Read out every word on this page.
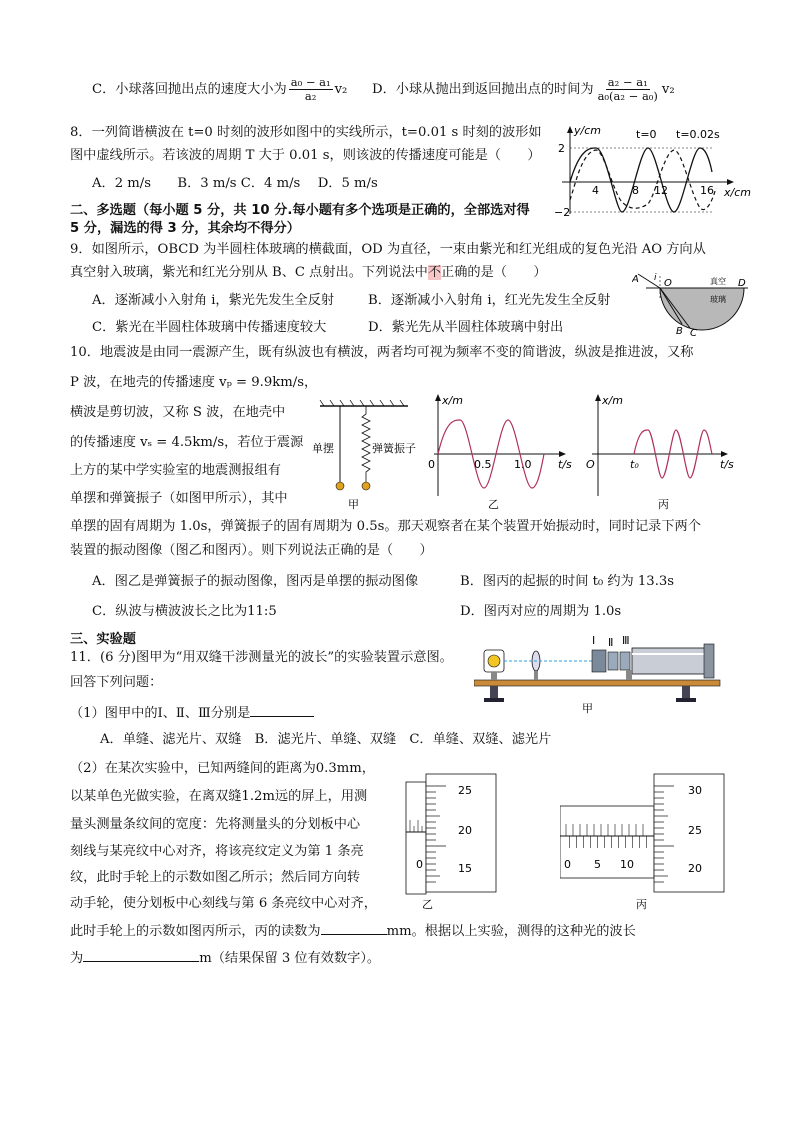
C．小球落回抛出点的速度大小为 $\frac{\text{a₀ − a₁}}{\text{a₂}} v_2$ D．小球从抛出到返回抛出点的时间为 $\frac{\text{a₂ − a₁}}{\text{a₀(a₂ − a₀)}} v_2$
8．一列简谐横波在 t=0 时刻的波形如图中的实线所示，t=0.01 s 时刻的波形如
图中虚线所示。若该波的周期 T 大于 0.01 s，则该波的传播速度可能是（　　）
A．2 m/s　　B．3 m/s C．4 m/s　 D．5 m/s
y/cm
x/cm
t=0 t=0.02s
2
−2
4	8 12	16
二、多选题（每小题 5 分，共 10 分.每小题有多个选项是正确的，全部选对得
5 分，漏选的得 3 分，其余均不得分）
9．如图所示，OBCD 为半圆柱体玻璃的横截面，OD 为直径，一束由紫光和红光组成的复色光沿 AO 方向从
真空射入玻璃，紫光和红光分别从 B、C 点射出。下列说法中不正确的是（　　）
A．逐渐减小入射角 i，紫光先发生全反射	B．逐渐减小入射角 i，红光先发生全反射
C．紫光在半圆柱体玻璃中传播速度较大	D．紫光先从半圆柱体玻璃中射出
A i O	D
B C
真空
玻璃
10．地震波是由同一震源产生，既有纵波也有横波，两者均可视为频率不变的简谐波，纵波是推进波，又称
P 波，在地壳的传播速度 vₚ = 9.9km/s，
横波是剪切波，又称 S 波，在地壳中
的传播速度 vₛ = 4.5km/s，若位于震源
上方的某中学实验室的地震测报组有
单摆和弹簧振子（如图甲所示），其中
单摆的固有周期为 1.0s，弹簧振子的固有周期为 0.5s。那天观察者在某个装置开始振动时，同时记录下两个
装置的振动图像（图乙和图丙）。则下列说法正确的是（　　）
A．图乙是弹簧振子的振动图像，图丙是单摆的振动图像	B．图丙的起振的时间 t₀ 约为 13.3s
C．纵波与横波波长之比为11:5	D．图丙对应的周期为 1.0s
单摆	弹簧振子
甲
x/m
t/s
0	0.5 1.0
乙
x/m
t/s
O	t₀
丙
三、实验题
11．(6 分)图甲为“用双缝干涉测量光的波长”的实验装置示意图。
回答下列问题：
（1）图甲中的Ⅰ、Ⅱ、Ⅲ分别是
A．单缝、滤光片、双缝　B．滤光片、单缝、双缝　C．单缝、双缝、滤光片
Ⅰ Ⅱ Ⅲ
甲
（2）在某次实验中，已知两缝间的距离为0.3mm，
以某单色光做实验，在离双缝1.2m远的屏上，用测
量头测量条纹间的宽度：先将测量头的分划板中心
刻线与某亮纹中心对齐，将该亮纹定义为第 1 条亮
纹，此时手轮上的示数如图乙所示；然后同方向转
动手轮，使分划板中心刻线与第 6 条亮纹中心对齐，
此时手轮上的示数如图丙所示，丙的读数为	mm。根据以上实验，测得的这种光的波长
为	m（结果保留 3 位有效数字）。
25
20
15
0
乙
30
25
20
0 5 10
丙
